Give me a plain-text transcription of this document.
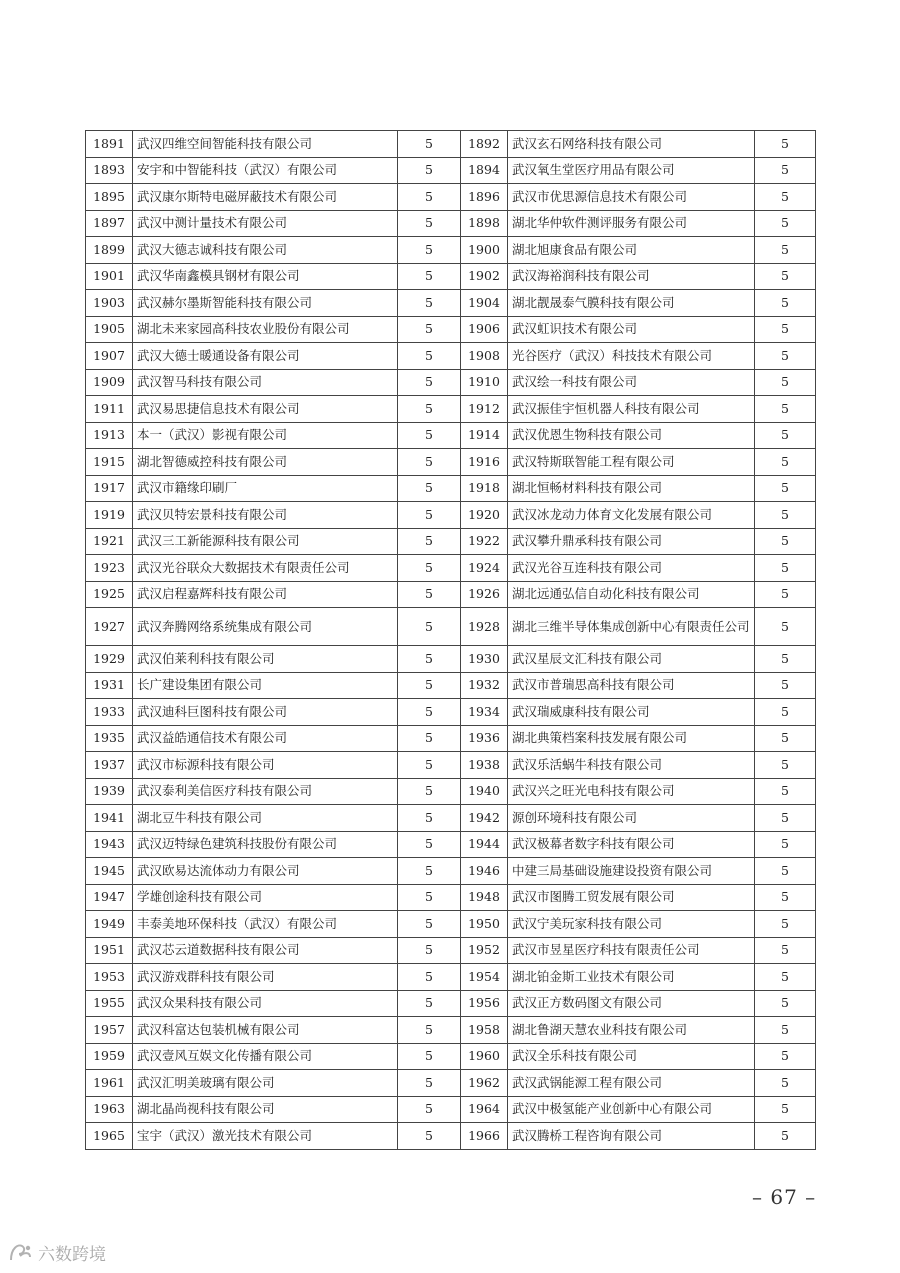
1891	武汉四维空间智能科技有限公司	5	1892	武汉玄石网络科技有限公司	5
1893	安宇和中智能科技（武汉）有限公司	5	1894	武汉氧生堂医疗用品有限公司	5
1895	武汉康尔斯特电磁屏蔽技术有限公司	5	1896	武汉市优思源信息技术有限公司	5
1897	武汉中测计量技术有限公司	5	1898	湖北华仲软件测评服务有限公司	5
1899	武汉大德志诚科技有限公司	5	1900	湖北旭康食品有限公司	5
1901	武汉华南鑫模具钢材有限公司	5	1902	武汉海裕润科技有限公司	5
1903	武汉赫尔墨斯智能科技有限公司	5	1904	湖北靓晟泰气膜科技有限公司	5
1905	湖北未来家园高科技农业股份有限公司	5	1906	武汉虹识技术有限公司	5
1907	武汉大德士暖通设备有限公司	5	1908	光谷医疗（武汉）科技技术有限公司	5
1909	武汉智马科技有限公司	5	1910	武汉绘一科技有限公司	5
1911	武汉易思捷信息技术有限公司	5	1912	武汉振佳宇恒机器人科技有限公司	5
1913	本一（武汉）影视有限公司	5	1914	武汉优恩生物科技有限公司	5
1915	湖北智德威控科技有限公司	5	1916	武汉特斯联智能工程有限公司	5
1917	武汉市籍缘印刷厂	5	1918	湖北恒畅材料科技有限公司	5
1919	武汉贝特宏景科技有限公司	5	1920	武汉冰龙动力体育文化发展有限公司	5
1921	武汉三工新能源科技有限公司	5	1922	武汉攀升鼎承科技有限公司	5
1923	武汉光谷联众大数据技术有限责任公司	5	1924	武汉光谷互连科技有限公司	5
1925	武汉启程嘉辉科技有限公司	5	1926	湖北远通弘信自动化科技有限公司	5
1927	武汉奔腾网络系统集成有限公司	5	1928	湖北三维半导体集成创新中心有限责任公司	5
1929	武汉伯莱利科技有限公司	5	1930	武汉星辰文汇科技有限公司	5
1931	长广建设集团有限公司	5	1932	武汉市普瑞思高科技有限公司	5
1933	武汉迪科巨图科技有限公司	5	1934	武汉瑞威康科技有限公司	5
1935	武汉益皓通信技术有限公司	5	1936	湖北典策档案科技发展有限公司	5
1937	武汉市标源科技有限公司	5	1938	武汉乐活蜗牛科技有限公司	5
1939	武汉泰利美信医疗科技有限公司	5	1940	武汉兴之旺光电科技有限公司	5
1941	湖北豆牛科技有限公司	5	1942	源创环境科技有限公司	5
1943	武汉迈特绿色建筑科技股份有限公司	5	1944	武汉极幕者数字科技有限公司	5
1945	武汉欧易达流体动力有限公司	5	1946	中建三局基础设施建设投资有限公司	5
1947	学雄创途科技有限公司	5	1948	武汉市图腾工贸发展有限公司	5
1949	丰泰美地环保科技（武汉）有限公司	5	1950	武汉宁美玩家科技有限公司	5
1951	武汉芯云道数据科技有限公司	5	1952	武汉市昱星医疗科技有限责任公司	5
1953	武汉游戏群科技有限公司	5	1954	湖北铂金斯工业技术有限公司	5
1955	武汉众果科技有限公司	5	1956	武汉正方数码图文有限公司	5
1957	武汉科富达包装机械有限公司	5	1958	湖北鲁湖天慧农业科技有限公司	5
1959	武汉壹风互娱文化传播有限公司	5	1960	武汉全乐科技有限公司	5
1961	武汉汇明美玻璃有限公司	5	1962	武汉武锅能源工程有限公司	5
1963	湖北晶尚视科技有限公司	5	1964	武汉中极氢能产业创新中心有限公司	5
1965	宝宇（武汉）激光技术有限公司	5	1966	武汉腾桥工程咨询有限公司	5
– 67 –
六数跨境
